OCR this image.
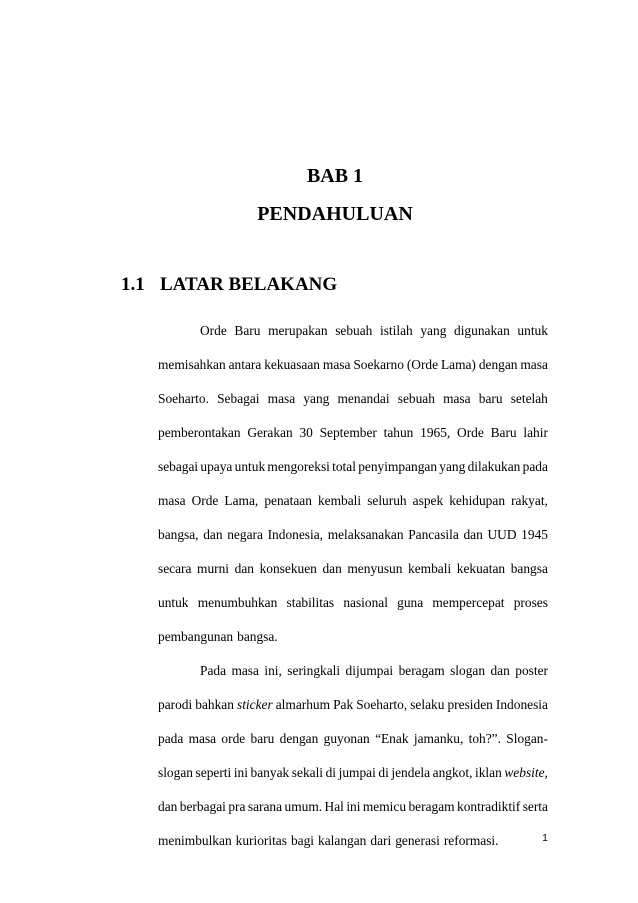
BAB 1
PENDAHULUAN
1.1 LATAR BELAKANG
Orde Baru merupakan sebuah istilah yang digunakan untuk
memisahkan antara kekuasaan masa Soekarno (Orde Lama) dengan masa
Soeharto. Sebagai masa yang menandai sebuah masa baru setelah
pemberontakan Gerakan 30 September tahun 1965, Orde Baru lahir
sebagai upaya untuk mengoreksi total penyimpangan yang dilakukan pada
masa Orde Lama, penataan kembali seluruh aspek kehidupan rakyat,
bangsa, dan negara Indonesia, melaksanakan Pancasila dan UUD 1945
secara murni dan konsekuen dan menyusun kembali kekuatan bangsa
untuk menumbuhkan stabilitas nasional guna mempercepat proses
pembangunan bangsa.
Pada masa ini, seringkali dijumpai beragam slogan dan poster
parodi bahkan sticker almarhum Pak Soeharto, selaku presiden Indonesia
pada masa orde baru dengan guyonan “Enak jamanku, toh?”. Slogan-
slogan seperti ini banyak sekali di jumpai di jendela angkot, iklan website,
dan berbagai pra sarana umum. Hal ini memicu beragam kontradiktif serta
menimbulkan kurioritas bagi kalangan dari generasi reformasi.	1
